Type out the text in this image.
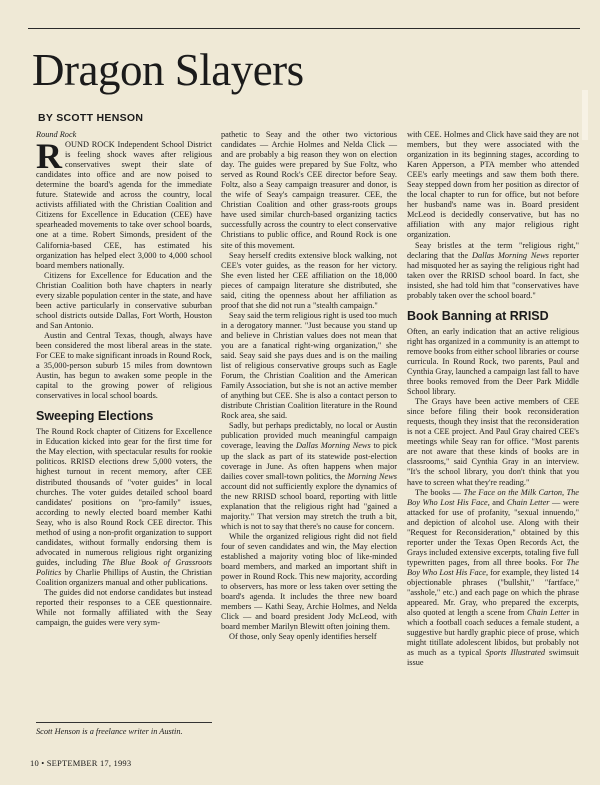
Dragon Slayers
BY SCOTT HENSON

Round Rock

ROUND ROCK Independent School District is feeling shock waves after religious conservatives swept their slate of candidates into office and are now poised to determine the board's agenda for the immediate future. Statewide and across the country, local activists affiliated with the Christian Coalition and Citizens for Excellence in Education (CEE) have spearheaded movements to take over school boards, one at a time. Robert Simonds, president of the California-based CEE, has estimated his organization has helped elect 3,000 to 4,000 school board members nationally.

Citizens for Excellence for Education and the Christian Coalition both have chapters in nearly every sizable population center in the state, and have been active particularly in conservative suburban school districts outside Dallas, Fort Worth, Houston and San Antonio.

Austin and Central Texas, though, always have been considered the most liberal areas in the state. For CEE to make significant inroads in Round Rock, a 35,000-person suburb 15 miles from downtown Austin, has begun to awaken some people in the capital to the growing power of religious conservatives in local school boards.

Sweeping Elections

The Round Rock chapter of Citizens for Excellence in Education kicked into gear for the first time for the May election, with spectacular results for rookie politicos. RRISD elections drew 5,000 voters, the highest turnout in recent memory, after CEE distributed thousands of "voter guides" in local churches. The voter guides detailed school board candidates' positions on "pro-family" issues, according to newly elected board member Kathi Seay, who is also Round Rock CEE director. This method of using a non-profit organization to support candidates, without formally endorsing them is advocated in numerous religious right organizing guides, including The Blue Book of Grassroots Politics by Charlie Phillips of Austin, the Christian Coalition organizers manual and other publications.

The guides did not endorse candidates but instead reported their responses to a CEE questionnaire. While not formally affiliated with the Seay campaign, the guides were very sym-

Scott Henson is a freelance writer in Austin.

pathetic to Seay and the other two victorious candidates — Archie Holmes and Nelda Click — and are probably a big reason they won on election day. The guides were prepared by Sue Foltz, who served as Round Rock's CEE director before Seay. Foltz, also a Seay campaign treasurer and donor, is the wife of Seay's campaign treasurer. CEE, the Christian Coalition and other grass-roots groups have used similar church-based organizing tactics successfully across the country to elect conservative Christians to public office, and Round Rock is one site of this movement.

Seay herself credits extensive block walking, not CEE's voter guides, as the reason for her victory. She even listed her CEE affiliation on the 18,000 pieces of campaign literature she distributed, she said, citing the openness about her affiliation as proof that she did not run a "stealth campaign."

Seay said the term religious right is used too much in a derogatory manner. "Just because you stand up and believe in Christian values does not mean that you are a fanatical right-wing organization," she said. Seay said she pays dues and is on the mailing list of religious conservative groups such as Eagle Forum, the Christian Coalition and the American Family Association, but she is not an active member of anything but CEE. She is also a contact person to distribute Christian Coalition literature in the Round Rock area, she said.

Sadly, but perhaps predictably, no local or Austin publication provided much meaningful campaign coverage, leaving the Dallas Morning News to pick up the slack as part of its statewide post-election coverage in June. As often happens when major dailies cover small-town politics, the Morning News account did not sufficiently explore the dynamics of the new RRISD school board, reporting with little explanation that the religious right had "gained a majority." That version may stretch the truth a bit, which is not to say that there's no cause for concern.

While the organized religious right did not field four of seven candidates and win, the May election established a majority voting bloc of like-minded board members, and marked an important shift in power in Round Rock. This new majority, according to observers, has more or less taken over setting the board's agenda. It includes the three new board members — Kathi Seay, Archie Holmes, and Nelda Click — and board president Jody McLeod, with board member Marilyn Blewitt often joining them.

Of those, only Seay openly identifies herself

with CEE. Holmes and Click have said they are not members, but they were associated with the organization in its beginning stages, according to Karen Apperson, a PTA member who attended CEE's early meetings and saw them both there. Seay stepped down from her position as director of the local chapter to run for office, but not before her husband's name was in. Board president McLeod is decidedly conservative, but has no affiliation with any major religious right organization.

Seay bristles at the term "religious right," declaring that the Dallas Morning News reporter had misquoted her as saying the religious right had taken over the RRISD school board. In fact, she insisted, she had told him that "conservatives have probably taken over the school board."

Book Banning at RRISD

Often, an early indication that an active religious right has organized in a community is an attempt to remove books from either school libraries or course curricula. In Round Rock, two parents, Paul and Cynthia Gray, launched a campaign last fall to have three books removed from the Deer Park Middle School library.

The Grays have been active members of CEE since before filing their book reconsideration requests, though they insist that the reconsideration is not a CEE project. And Paul Gray chaired CEE's meetings while Seay ran for office. "Most parents are not aware that these kinds of books are in classrooms," said Cynthia Gray in an interview. "It's the school library, you don't think that you have to screen what they're reading."

The books — The Face on the Milk Carton, The Boy Who Lost His Face, and Chain Letter — were attacked for use of profanity, "sexual innuendo," and depiction of alcohol use. Along with their "Request for Reconsideration," obtained by this reporter under the Texas Open Records Act, the Grays included extensive excerpts, totaling five full typewritten pages, from all three books. For The Boy Who Lost His Face, for example, they listed 14 objectionable phrases ("bullshit," "fartface," "asshole," etc.) and each page on which the phrase appeared. Mr. Gray, who prepared the excerpts, also quoted at length a scene from Chain Letter in which a football coach seduces a female student, a suggestive but hardly graphic piece of prose, which might titillate adolescent libidos, but probably not as much as a typical Sports Illustrated swimsuit issue

10 • SEPTEMBER 17, 1993
